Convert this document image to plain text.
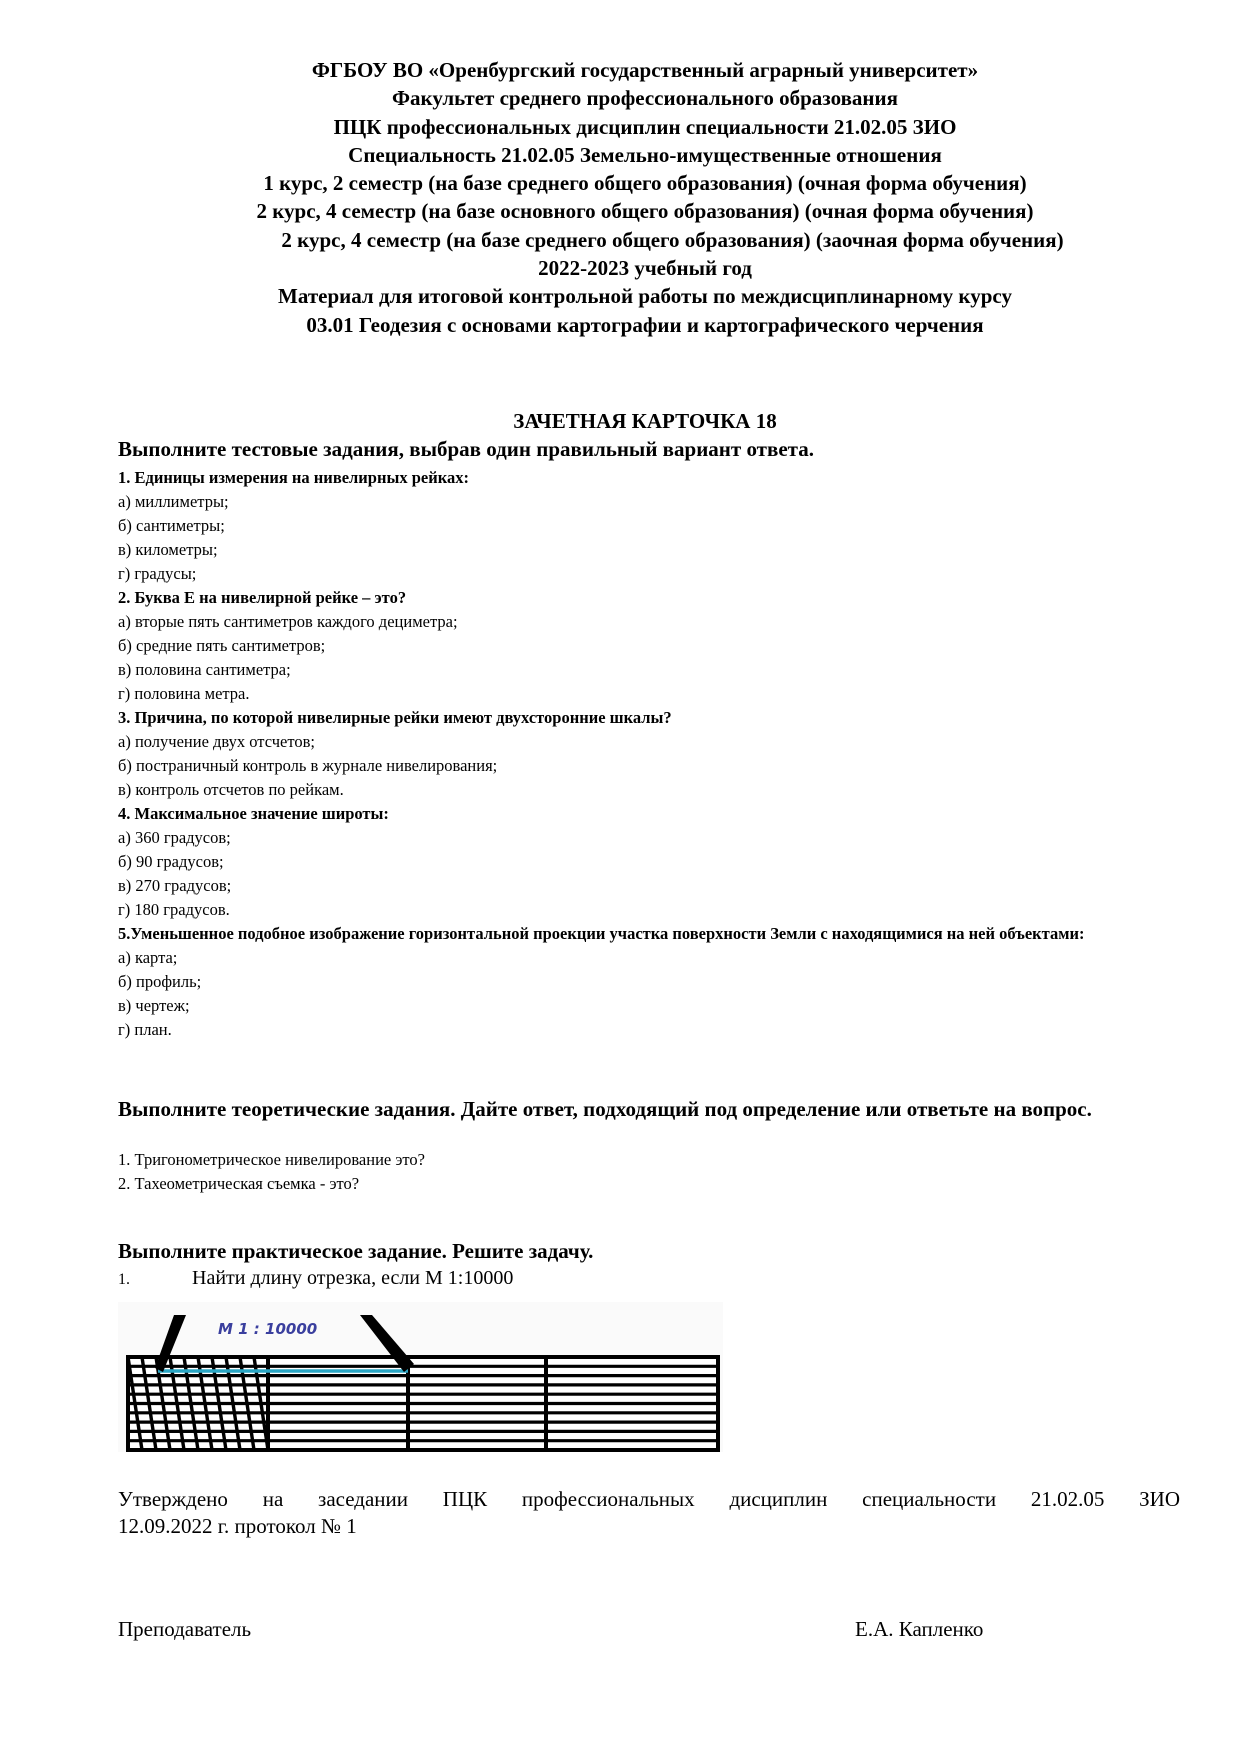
ФГБОУ ВО «Оренбургский государственный аграрный университет»
Факультет среднего профессионального образования
ПЦК профессиональных дисциплин специальности 21.02.05 ЗИО
Специальность 21.02.05 Земельно-имущественные отношения
1 курс, 2 семестр (на базе среднего общего образования) (очная форма обучения)
2 курс, 4 семестр (на базе основного общего образования) (очная форма обучения)
2 курс, 4 семестр (на базе среднего общего образования) (заочная форма обучения)
2022-2023 учебный год
Материал для итоговой контрольной работы по междисциплинарному курсу
03.01 Геодезия с основами картографии и картографического черчения
ЗАЧЕТНАЯ КАРТОЧКА 18
Выполните тестовые задания, выбрав один правильный вариант ответа.
1. Единицы измерения на нивелирных рейках:
а) миллиметры;
б) сантиметры;
в) километры;
г) градусы;
2. Буква Е на нивелирной рейке – это?
а) вторые пять сантиметров каждого дециметра;
б) средние пять сантиметров;
в) половина сантиметра;
г) половина метра.
3. Причина, по которой нивелирные рейки имеют двухсторонние шкалы?
а) получение двух отсчетов;
б) постраничный контроль в журнале нивелирования;
в) контроль отсчетов по рейкам.
4. Максимальное значение широты:
а) 360 градусов;
б) 90 градусов;
в) 270 градусов;
г) 180 градусов.
5.Уменьшенное подобное изображение горизонтальной проекции участка поверхности Земли с находящимися на ней объектами:
а) карта;
б) профиль;
в) чертеж;
г) план.
Выполните теоретические задания. Дайте ответ, подходящий под определение или ответьте на вопрос.
1. Тригонометрическое нивелирование это?
2. Тахеометрическая съемка - это?
Выполните практическое задание. Решите задачу.
1.	Найти длину отрезка, если М 1:10000
M 1 : 10000
Утверждено на заседании ПЦК профессиональных дисциплин специальности 21.02.05 ЗИО
12.09.2022 г. протокол № 1
Преподаватель	Е.А. Капленко
